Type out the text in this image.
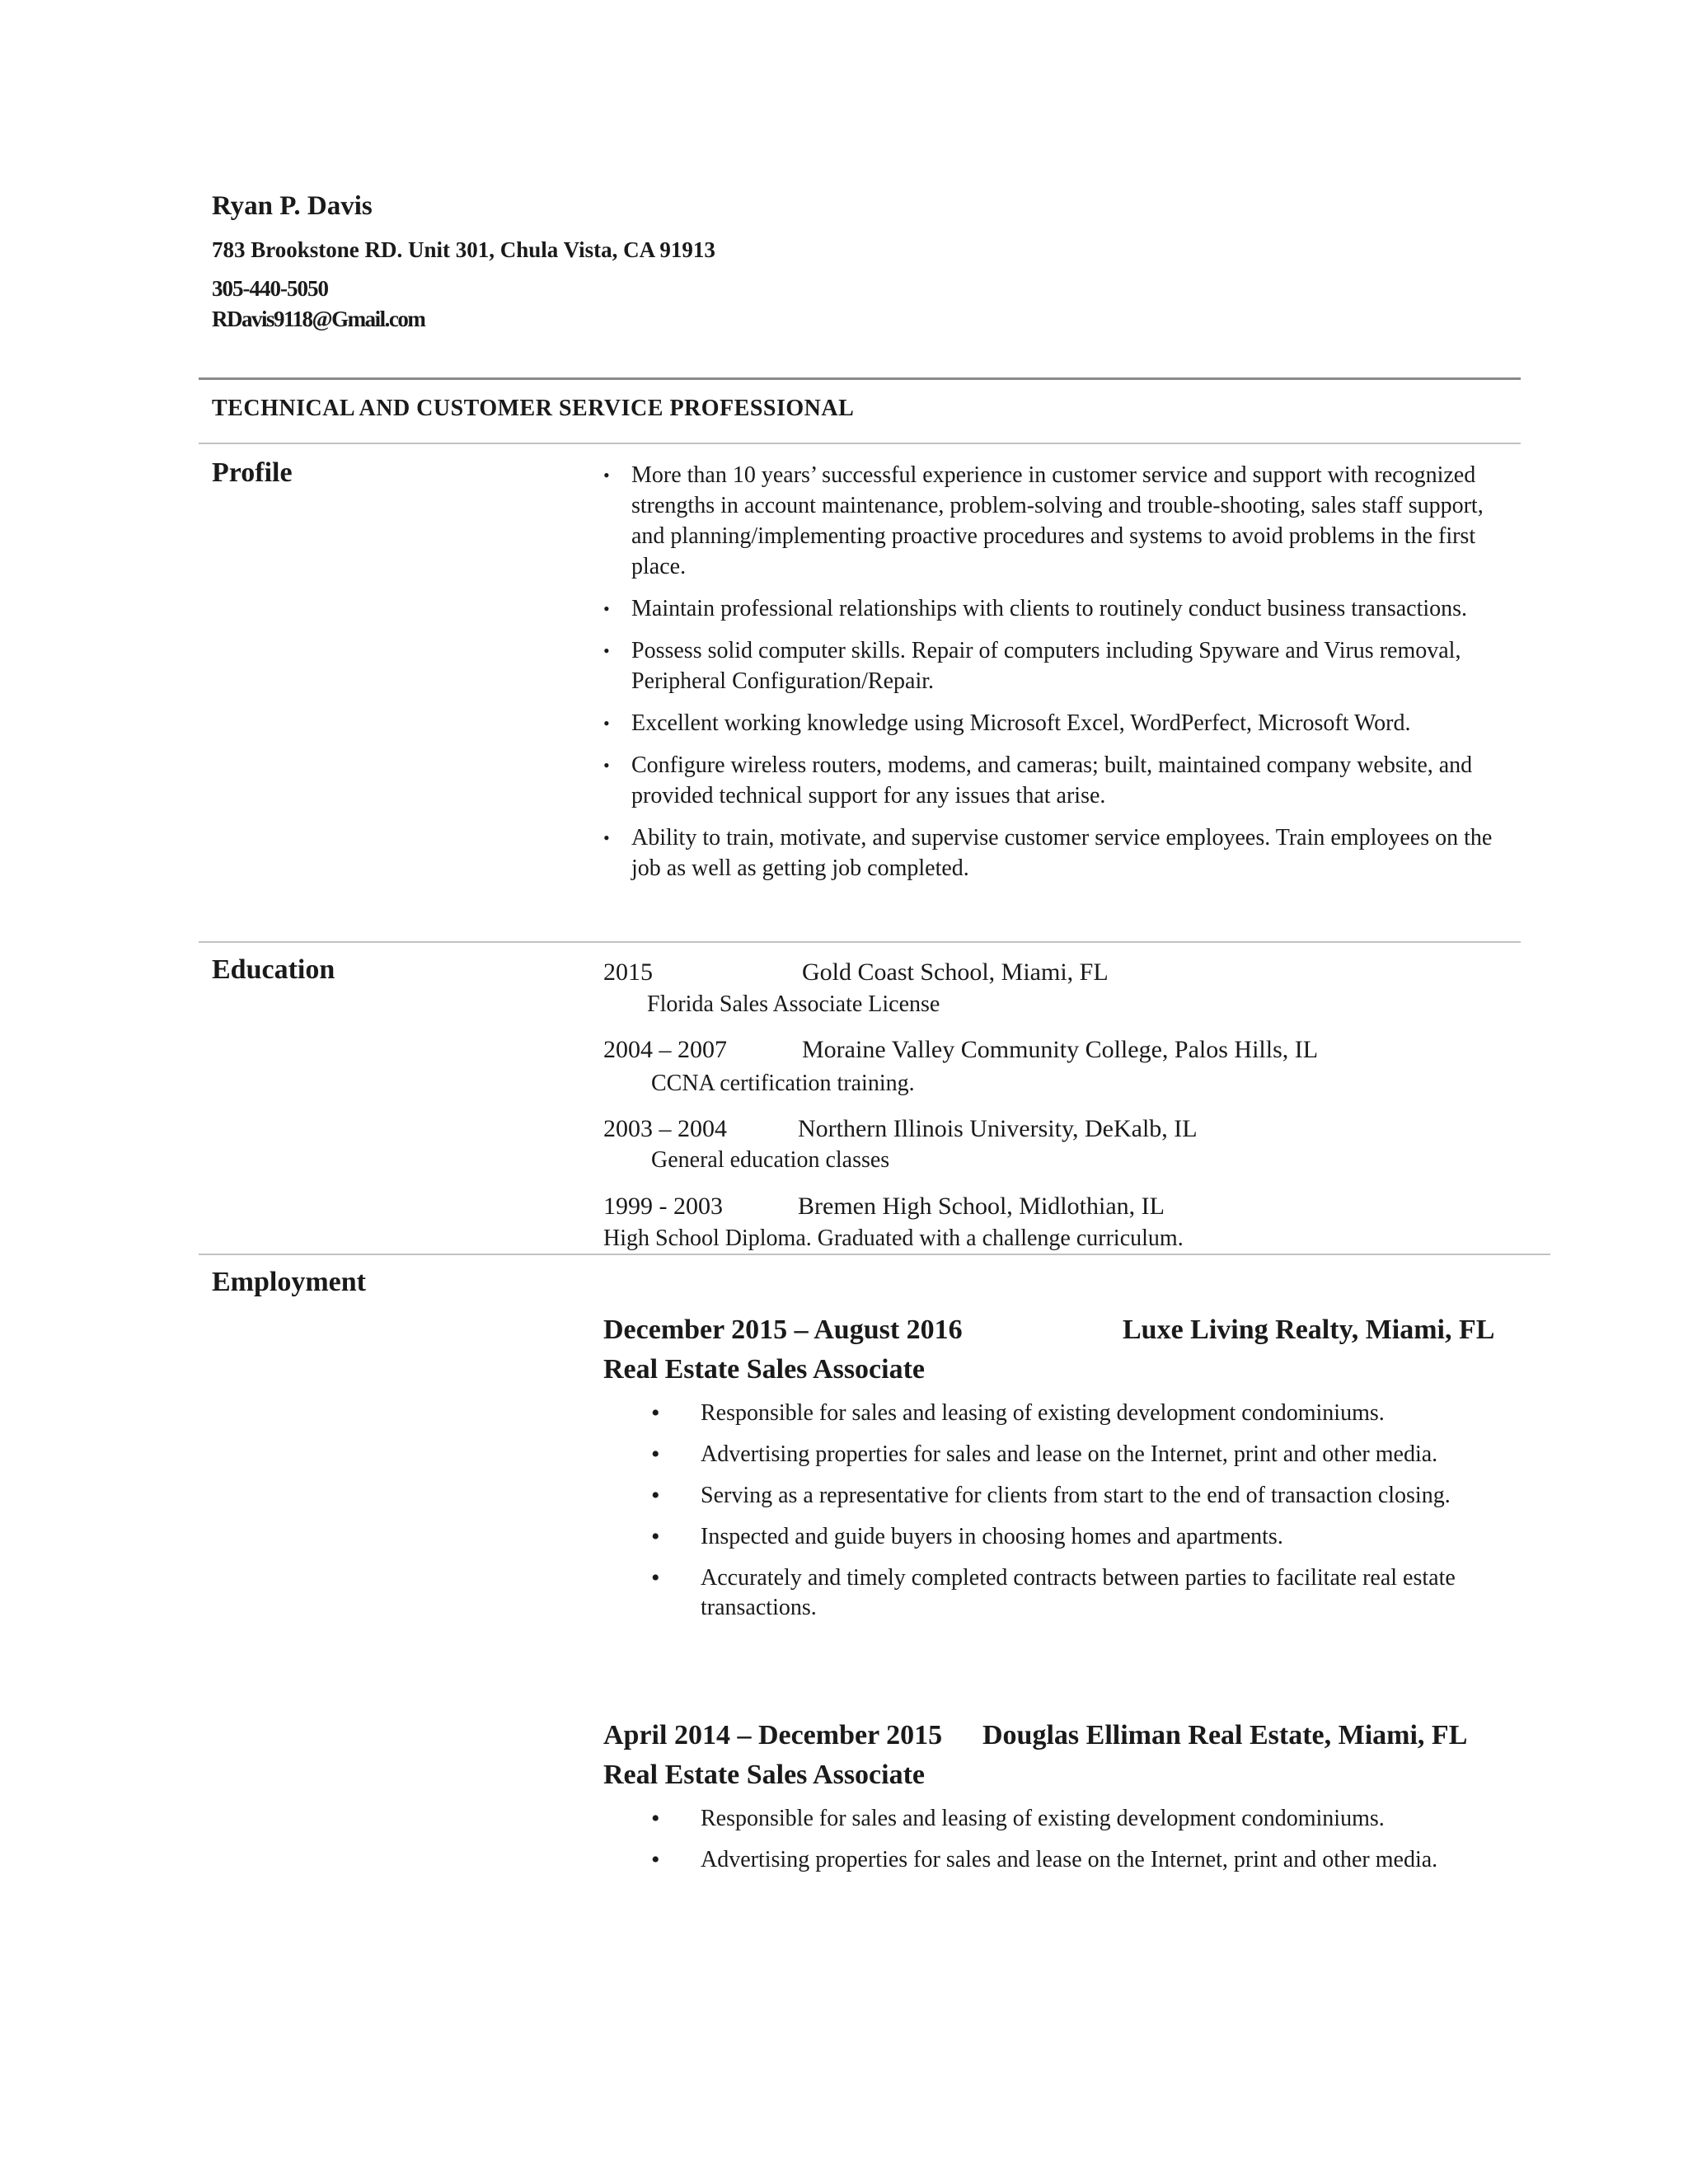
Ryan P. Davis
783 Brookstone RD. Unit 301, Chula Vista, CA 91913
305-440-5050
RDavis9118@Gmail.com
TECHNICAL AND CUSTOMER SERVICE PROFESSIONAL
Profile	• More than 10 years’ successful experience in customer service and support with recognized strengths in account maintenance, problem-solving and trouble-shooting, sales staff support, and planning/implementing proactive procedures and systems to avoid problems in the first place.
• Maintain professional relationships with clients to routinely conduct business transactions.
• Possess solid computer skills. Repair of computers including Spyware and Virus removal, Peripheral Configuration/Repair.
• Excellent working knowledge using Microsoft Excel, WordPerfect, Microsoft Word.
• Configure wireless routers, modems, and cameras; built, maintained company website, and provided technical support for any issues that arise.
• Ability to train, motivate, and supervise customer service employees. Train employees on the job as well as getting job completed.
Education	2015	Gold Coast School, Miami, FL
Florida Sales Associate License
2004 – 2007	Moraine Valley Community College, Palos Hills, IL
CCNA certification training.
2003 – 2004	Northern Illinois University, DeKalb, IL
General education classes
1999 - 2003	Bremen High School, Midlothian, IL
High School Diploma. Graduated with a challenge curriculum.
Employment
December 2015 – August 2016	Luxe Living Realty, Miami, FL
Real Estate Sales Associate
• Responsible for sales and leasing of existing development condominiums.
• Advertising properties for sales and lease on the Internet, print and other media.
• Serving as a representative for clients from start to the end of transaction closing.
• Inspected and guide buyers in choosing homes and apartments.
• Accurately and timely completed contracts between parties to facilitate real estate transactions.
April 2014 – December 2015 Douglas Elliman Real Estate, Miami, FL
Real Estate Sales Associate
• Responsible for sales and leasing of existing development condominiums.
• Advertising properties for sales and lease on the Internet, print and other media.
